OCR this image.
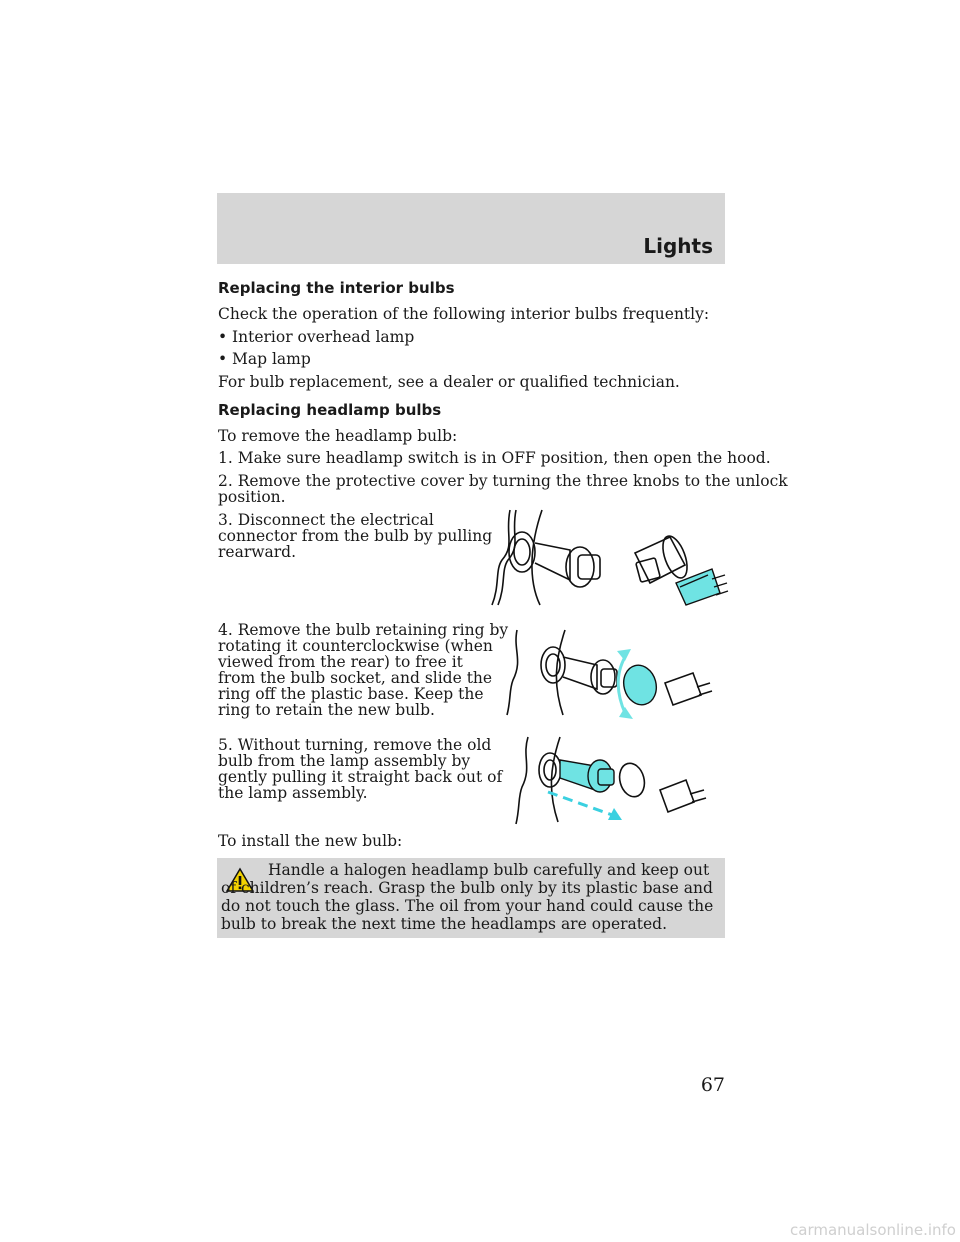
Lights

Replacing the interior bulbs

Check the operation of the following interior bulbs frequently:

• Interior overhead lamp

• Map lamp

For bulb replacement, see a dealer or qualified technician.

Replacing headlamp bulbs

To remove the headlamp bulb:

1. Make sure headlamp switch is in OFF position, then open the hood.

2. Remove the protective cover by turning the three knobs to the unlock

position.

3. Disconnect the electrical

connector from the bulb by pulling

rearward.

4. Remove the bulb retaining ring by

rotating it counterclockwise (when

viewed from the rear) to free it

from the bulb socket, and slide the

ring off the plastic base. Keep the

ring to retain the new bulb.

5. Without turning, remove the old

bulb from the lamp assembly by

gently pulling it straight back out of

the lamp assembly.

To install the new bulb:

Handle a halogen headlamp bulb carefully and keep out of children’s reach. Grasp the bulb only by its plastic base and do not touch the glass. The oil from your hand could cause the bulb to break the next time the headlamps are operated.

67
carmanualsonline.info
